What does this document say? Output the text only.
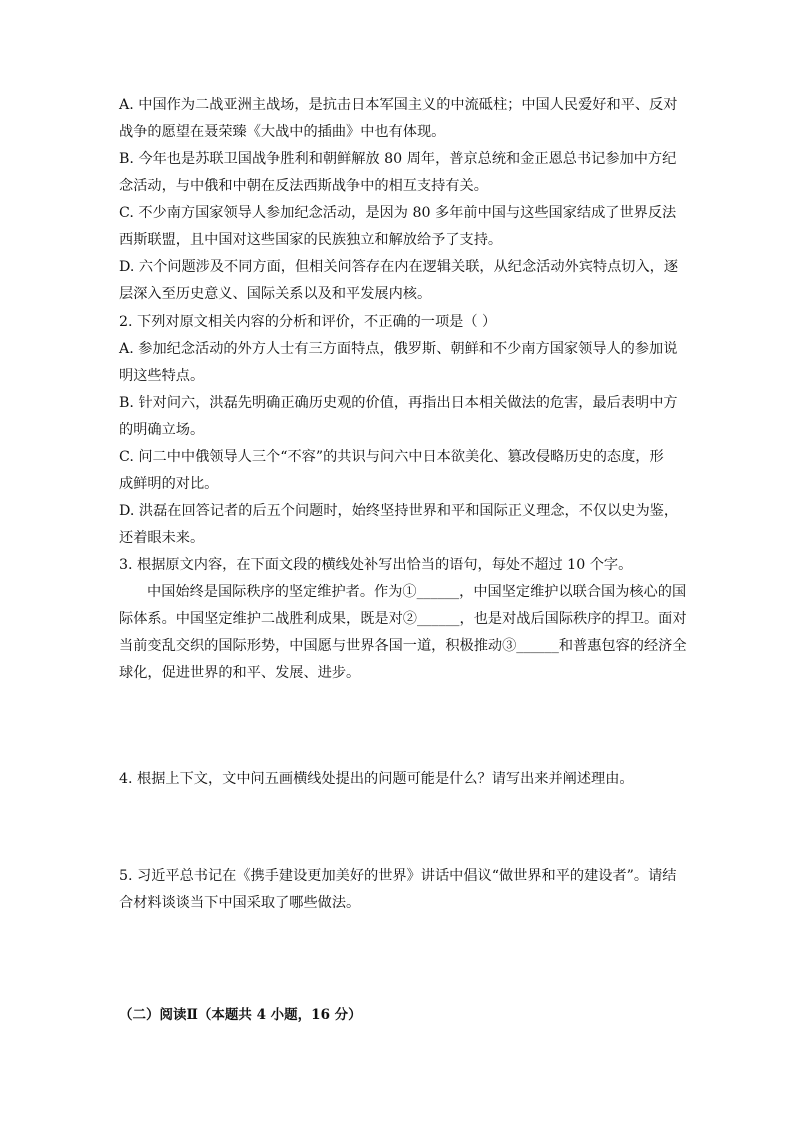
A. 中国作为二战亚洲主战场，是抗击日本军国主义的中流砥柱；中国人民爱好和平、反对
战争的愿望在聂荣臻《大战中的插曲》中也有体现。
B. 今年也是苏联卫国战争胜利和朝鲜解放 80 周年，普京总统和金正恩总书记参加中方纪
念活动，与中俄和中朝在反法西斯战争中的相互支持有关。
C. 不少南方国家领导人参加纪念活动，是因为 80 多年前中国与这些国家结成了世界反法
西斯联盟，且中国对这些国家的民族独立和解放给予了支持。
D. 六个问题涉及不同方面，但相关问答存在内在逻辑关联，从纪念活动外宾特点切入，逐
层深入至历史意义、国际关系以及和平发展内核。
2. 下列对原文相关内容的分析和评价，不正确的一项是（ ）
A. 参加纪念活动的外方人士有三方面特点，俄罗斯、朝鲜和不少南方国家领导人的参加说
明这些特点。
B. 针对问六，洪磊先明确正确历史观的价值，再指出日本相关做法的危害，最后表明中方
的明确立场。
C. 问二中中俄领导人三个“不容”的共识与问六中日本欲美化、篡改侵略历史的态度，形
成鲜明的对比。
D. 洪磊在回答记者的后五个问题时，始终坚持世界和平和国际正义理念，不仅以史为鉴，
还着眼未来。
3. 根据原文内容，在下面文段的横线处补写出恰当的语句，每处不超过 10 个字。
中国始终是国际秩序的坚定维护者。作为①______，中国坚定维护以联合国为核心的国
际体系。中国坚定维护二战胜利成果，既是对②______，也是对战后国际秩序的捍卫。面对
当前变乱交织的国际形势，中国愿与世界各国一道，积极推动③______和普惠包容的经济全
球化，促进世界的和平、发展、进步。
4. 根据上下文，文中问五画横线处提出的问题可能是什么？请写出来并阐述理由。
5. 习近平总书记在《携手建设更加美好的世界》讲话中倡议“做世界和平的建设者”。请结
合材料谈谈当下中国采取了哪些做法。
（二）阅读Ⅱ（本题共 4 小题，16 分）
